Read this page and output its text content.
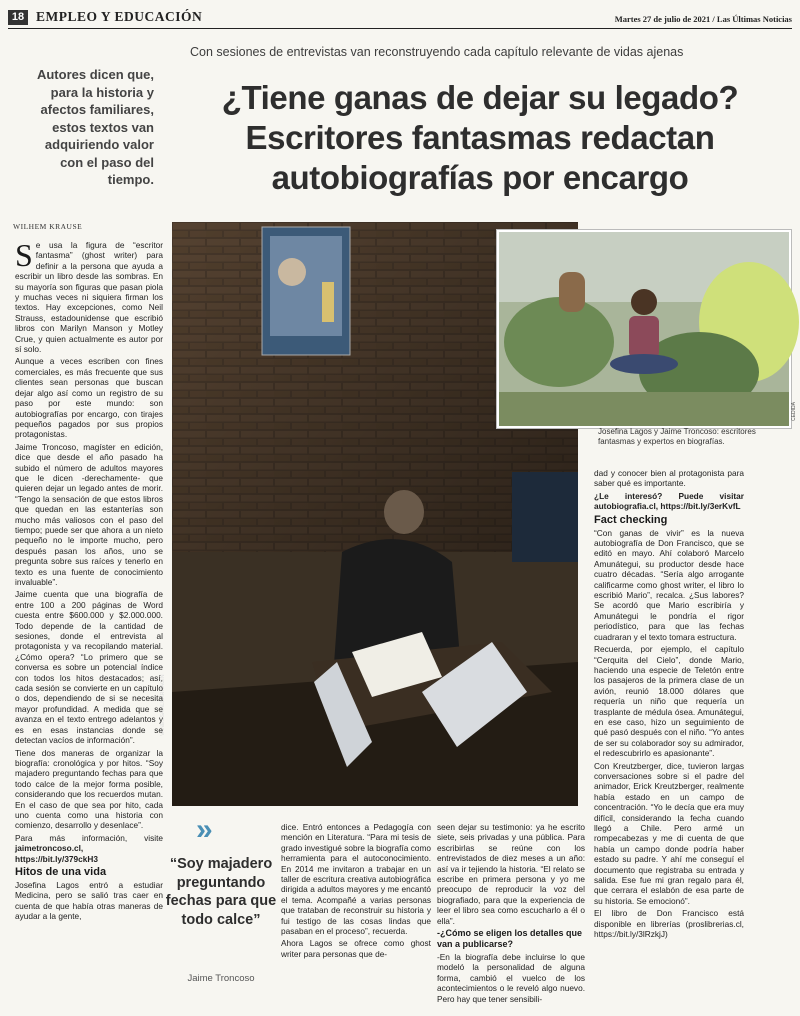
18 EMPLEO Y EDUCACIÓN	Martes 27 de julio de 2021 / Las Últimas Noticias
Con sesiones de entrevistas van reconstruyendo cada capítulo relevante de vidas ajenas
Autores dicen que, para la historia y afectos familiares, estos textos van adquiriendo valor con el paso del tiempo.
¿Tiene ganas de dejar su legado?
Escritores fantasmas redactan
autobiografías por encargo
WILHEM KRAUSE
VANESSA ALBARRACÍN
CEDIDA
Josefina Lagos y Jaime Troncoso: escritores fantasmas y expertos en biografías.

Se usa la figura de “escritor fantasma” (ghost writer) para definir a la persona que ayuda a escribir un libro desde las sombras. En su mayoría son figuras que pasan piola y muchas veces ni siquiera firman los textos. Hay excepciones, como Neil Strauss, estadounidense que escribió libros con Marilyn Manson y Motley Crue, y quien actualmente es autor por sí solo.

Aunque a veces escriben con fines comerciales, es más frecuente que sus clientes sean personas que buscan dejar algo así como un registro de su paso por este mundo: son autobiografías por encargo, con tirajes pequeños pagados por sus propios protagonistas.

Jaime Troncoso, magíster en edición, dice que desde el año pasado ha subido el número de adultos mayores que le dicen -derechamente- que quieren dejar un legado antes de morir. “Tengo la sensación de que estos libros que quedan en las estanterías son mucho más valiosos con el paso del tiempo; puede ser que ahora a un nieto pequeño no le importe mucho, pero después pasan los años, uno se pregunta sobre sus raíces y tenerlo en texto es una fuente de conocimiento invaluable”.

Jaime cuenta que una biografía de entre 100 a 200 páginas de Word cuesta entre $600.000 y $2.000.000. Todo depende de la cantidad de sesiones, donde el entrevista al protagonista y va recopilando material. ¿Cómo opera? “Lo primero que se conversa es sobre un potencial índice con todos los hitos destacados; así, cada sesión se convierte en un capítulo o dos, dependiendo de si se necesita mayor profundidad. A medida que se avanza en el texto entrego adelantos y es en esas instancias donde se detectan vacíos de información”.

Tiene dos maneras de organizar la biografía: cronológica y por hitos. “Soy majadero preguntando fechas para que todo calce de la mejor forma posible, considerando que los recuerdos mutan. En el caso de que sea por hito, cada uno cuenta como una historia con comienzo, desarrollo y desenlace”.

Para más información, visite jaimetroncoso.cl, https://bit.ly/379ckH3

Hitos de una vida

Josefina Lagos entró a estudiar Medicina, pero se salió tras caer en cuenta de que había otras maneras de ayudar a la gente,

»
“Soy majadero preguntando fechas para que todo calce”
Jaime Troncoso

dice. Entró entonces a Pedagogía con mención en Literatura. “Para mi tesis de grado investigué sobre la biografía como herramienta para el autoconocimiento. En 2014 me invitaron a trabajar en un taller de escritura creativa autobiográfica dirigida a adultos mayores y me encantó el tema. Acompañé a varias personas que trataban de reconstruir su historia y fui testigo de las cosas lindas que pasaban en el proceso”, recuerda.

Ahora Lagos se ofrece como ghost writer para personas que de-

seen dejar su testimonio: ya he escrito siete, seis privadas y una pública. Para escribirlas se reúne con los entrevistados de diez meses a un año: así va ir tejiendo la historia. “El relato se escribe en primera persona y yo me preocupo de reproducir la voz del biografiado, para que la experiencia de leer el libro sea como escucharlo a él o ella”.

-¿Cómo se eligen los detalles que van a publicarse?

-En la biografía debe incluirse lo que modeló la personalidad de alguna forma, cambió el vuelco de los acontecimientos o le reveló algo nuevo. Pero hay que tener sensibili-

dad y conocer bien al protagonista para saber qué es importante.

¿Le interesó? Puede visitar autobiografia.cl, https://bit.ly/3erKvfL

Fact checking

“Con ganas de vivir” es la nueva autobiografía de Don Francisco, que se editó en mayo. Ahí colaboró Marcelo Amunátegui, su productor desde hace cuatro décadas. “Sería algo arrogante calificarme como ghost writer, el libro lo escribió Mario”, recalca. ¿Sus labores? Se acordó que Mario escribiría y Amunátegui le pondría el rigor periodístico, para que las fechas cuadraran y el texto tomara estructura.

Recuerda, por ejemplo, el capítulo “Cerquita del Cielo”, donde Mario, haciendo una especie de Teletón entre los pasajeros de la primera clase de un avión, reunió 18.000 dólares que requería un niño que requería un trasplante de médula ósea. Amunátegui, en ese caso, hizo un seguimiento de qué pasó después con el niño. “Yo antes de ser su colaborador soy su admirador, el redescubrirlo es apasionante”.

Con Kreutzberger, dice, tuvieron largas conversaciones sobre si el padre del animador, Erick Kreutzberger, realmente había estado en un campo de concentración. “Yo le decía que era muy difícil, considerando la fecha cuando llegó a Chile. Pero armé un rompecabezas y me di cuenta de que había un campo donde podría haber estado su padre. Y ahí me conseguí el documento que registraba su entrada y salida. Ese fue mi gran regalo para él, que cerrara el eslabón de esa parte de su historia. Se emocionó”.

El libro de Don Francisco está disponible en librerías (proslibrerias.cl, https://bit.ly/3lRzkjJ)
